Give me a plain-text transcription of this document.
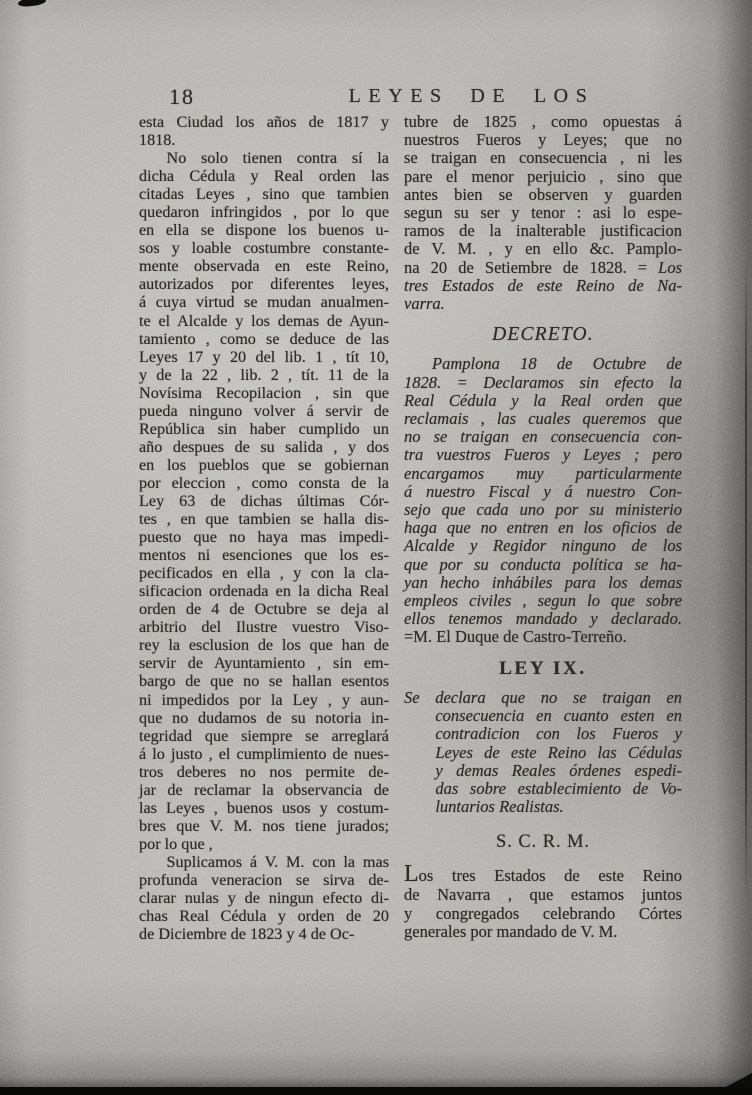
18	LEYES DE LOS
esta Ciudad los años de 1817 y
1818.
No solo tienen contra sí la
dicha Cédula y Real orden las
citadas Leyes , sino que tambien
quedaron infringidos , por lo que
en ella se dispone los buenos u-
sos y loable costumbre constante-
mente observada en este Reino,
autorizados por diferentes leyes,
á cuya virtud se mudan anualmen-
te el Alcalde y los demas de Ayun-
tamiento , como se deduce de las
Leyes 17 y 20 del lib. 1 , tít 10,
y de la 22 , lib. 2 , tít. 11 de la
Novísima Recopilacion , sin que
pueda ninguno volver á servir de
República sin haber cumplido un
año despues de su salida , y dos
en los pueblos que se gobiernan
por eleccion , como consta de la
Ley 63 de dichas últimas Cór-
tes , en que tambien se halla dis-
puesto que no haya mas impedi-
mentos ni esenciones que los es-
pecificados en ella , y con la cla-
sificacion ordenada en la dicha Real
orden de 4 de Octubre se deja al
arbitrio del Ilustre vuestro Viso-
rey la esclusion de los que han de
servir de Ayuntamiento , sin em-
bargo de que no se hallan esentos
ni impedidos por la Ley , y aun-
que no dudamos de su notoria in-
tegridad que siempre se arreglará
á lo justo , el cumplimiento de nues-
tros deberes no nos permite de-
jar de reclamar la observancia de
las Leyes , buenos usos y costum-
bres que V. M. nos tiene jurados;
por lo que ,
Suplicamos á V. M. con la mas
profunda veneracion se sirva de-
clarar nulas y de ningun efecto di-
chas Real Cédula y orden de 20
de Diciembre de 1823 y 4 de Oc-
tubre de 1825 , como opuestas á
nuestros Fueros y Leyes; que no
se traigan en consecuencia , ni les
pare el menor perjuicio , sino que
antes bien se observen y guarden
segun su ser y tenor : asi lo espe-
ramos de la inalterable justificacion
de V. M. , y en ello &c. Pamplo-
na 20 de Setiembre de 1828. = Los
tres Estados de este Reino de Na-
varra.
DECRETO.
Pamplona 18 de Octubre de
1828. = Declaramos sin efecto la
Real Cédula y la Real orden que
reclamais , las cuales queremos que
no se traigan en consecuencia con-
tra vuestros Fueros y Leyes ; pero
encargamos muy particularmente
á nuestro Fiscal y á nuestro Con-
sejo que cada uno por su ministerio
haga que no entren en los oficios de
Alcalde y Regidor ninguno de los
que por su conducta política se ha-
yan hecho inhábiles para los demas
empleos civiles , segun lo que sobre
ellos tenemos mandado y declarado.
=M. El Duque de Castro-Terreño.
LEY IX.
Se declara que no se traigan en
consecuencia en cuanto esten en
contradicion con los Fueros y
Leyes de este Reino las Cédulas
y demas Reales órdenes espedi-
das sobre establecimiento de Vo-
luntarios Realistas.
S. C. R. M.
Los tres Estados de este Reino
de Navarra , que estamos juntos
y congregados celebrando Córtes
generales por mandado de V. M.
